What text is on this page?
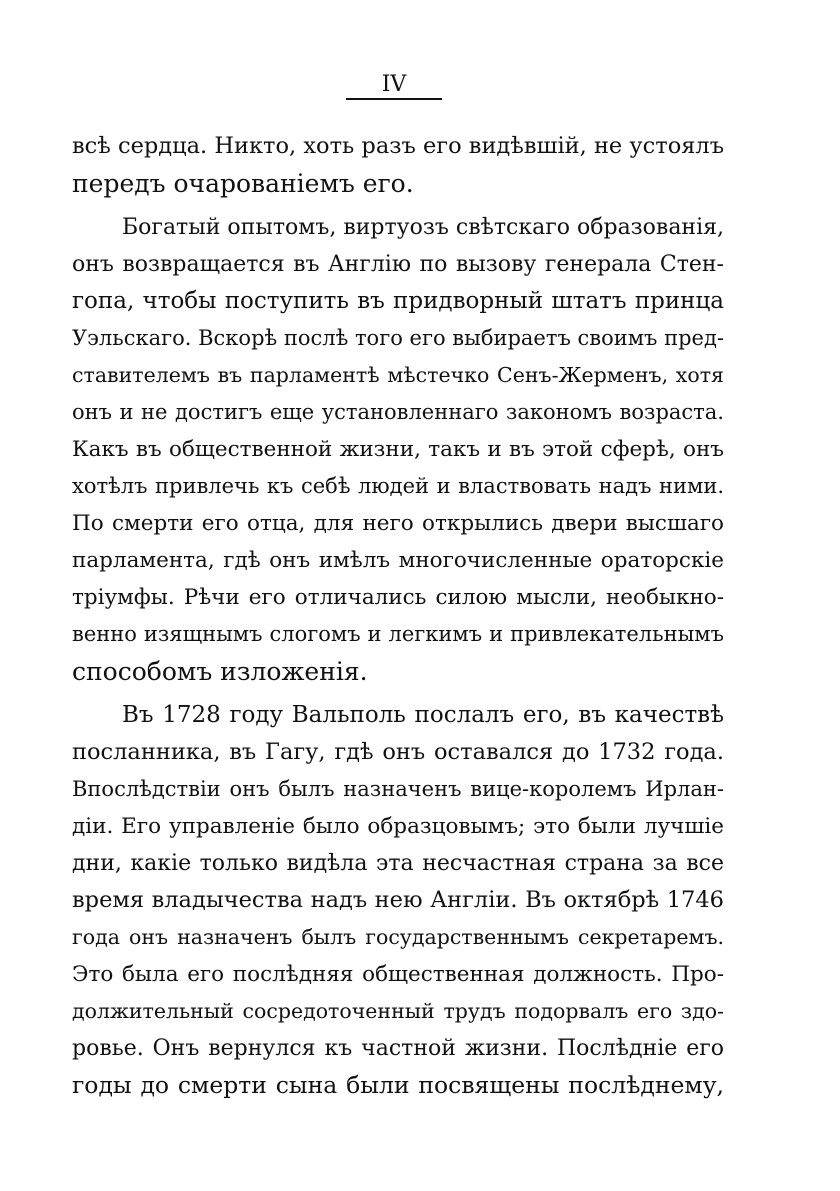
IV
всѣ сердца. Никто, хоть разъ его видѣвшій, не устоялъ
передъ очарованіемъ его.
Богатый опытомъ, виртуозъ свѣтскаго образованія,
онъ возвращается въ Англію по вызову генерала Стен-
гопа, чтобы поступить въ придворный штатъ принца
Уэльскаго. Вскорѣ послѣ того его выбираетъ своимъ пред-
ставителемъ въ парламентѣ мѣстечко Сенъ-Жерменъ, хотя
онъ и не достигъ еще установленнаго закономъ возраста.
Какъ въ общественной жизни, такъ и въ этой сферѣ, онъ
хотѣлъ привлечь къ себѣ людей и властвовать надъ ними.
По смерти его отца, для него открылись двери высшаго
парламента, гдѣ онъ имѣлъ многочисленные ораторскіе
тріумфы. Рѣчи его отличались силою мысли, необыкно-
венно изящнымъ слогомъ и легкимъ и привлекательнымъ
способомъ изложенія.
Въ 1728 году Вальполь послалъ его, въ качествѣ
посланника, въ Гагу, гдѣ онъ оставался до 1732 года.
Впослѣдствіи онъ былъ назначенъ вице-королемъ Ирлан-
діи. Его управленіе было образцовымъ; это были лучшіе
дни, какіе только видѣла эта несчастная страна за все
время владычества надъ нею Англіи. Въ октябрѣ 1746
года онъ назначенъ былъ государственнымъ секретаремъ.
Это была его послѣдняя общественная должность. Про-
должительный сосредоточенный трудъ подорвалъ его здо-
ровье. Онъ вернулся къ частной жизни. Послѣдніе его
годы до смерти сына были посвящены послѣднему,
